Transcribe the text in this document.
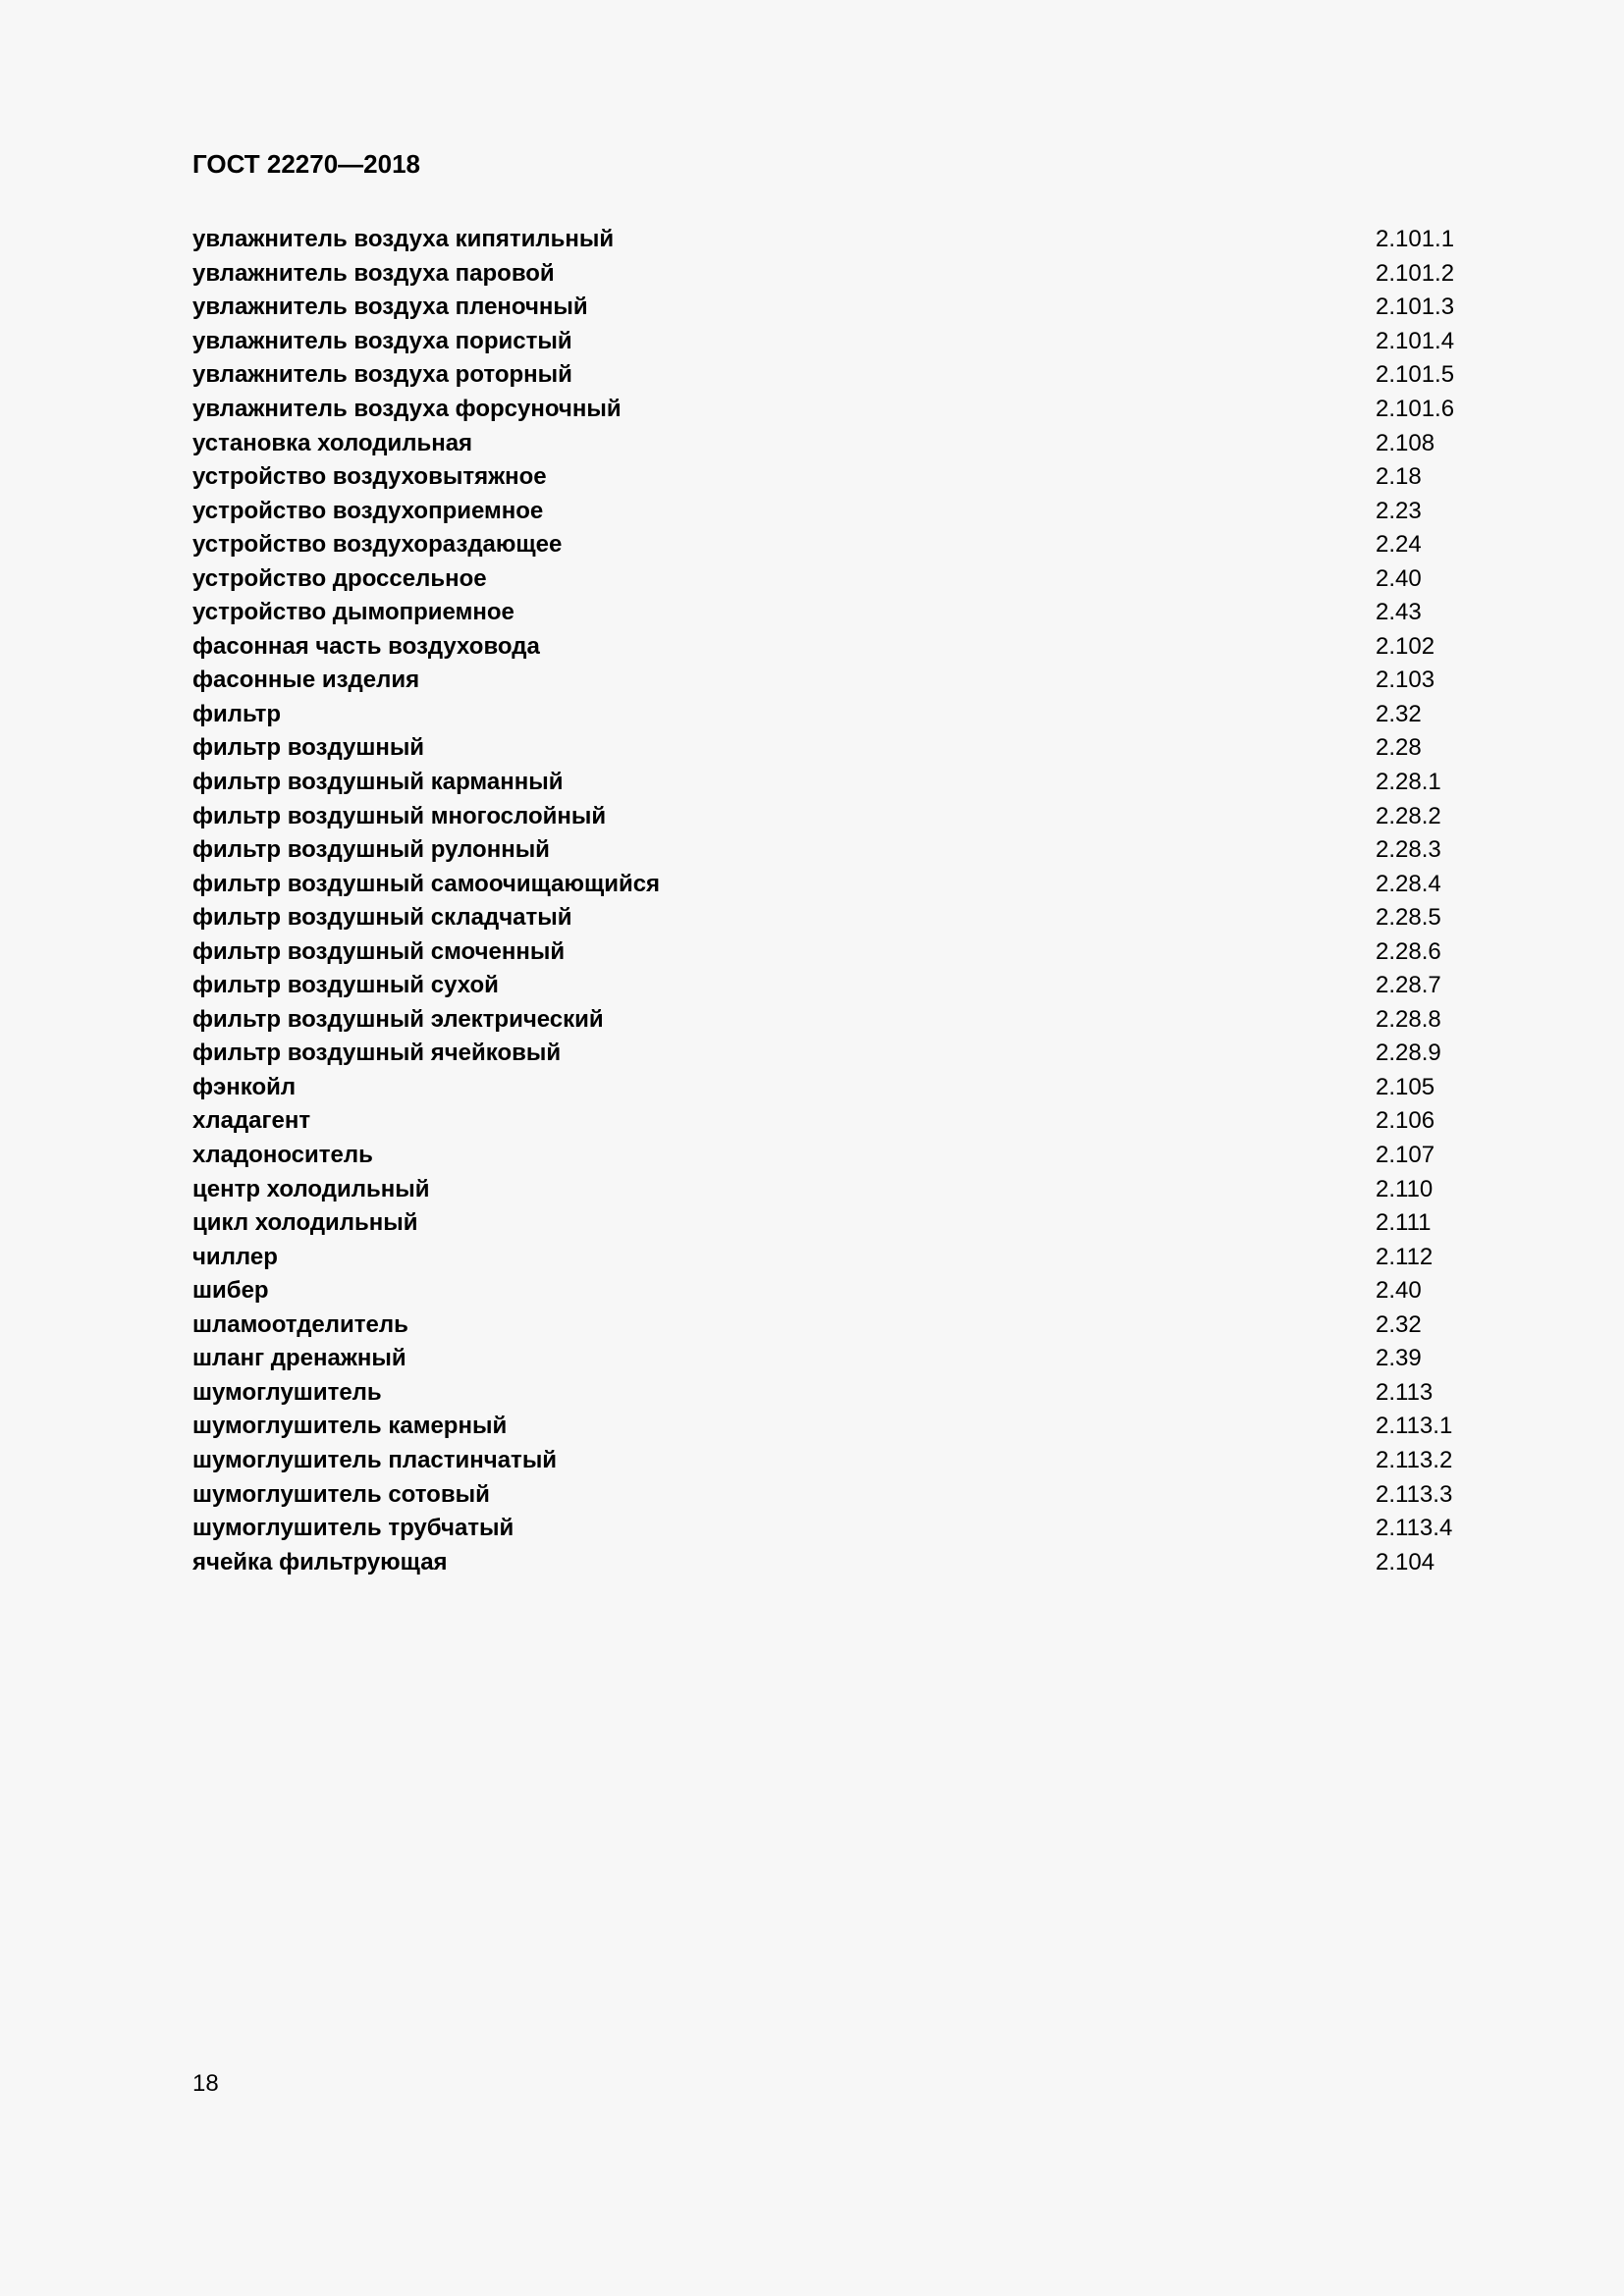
ГОСТ 22270—2018
увлажнитель воздуха кипятильный	2.101.1
увлажнитель воздуха паровой	2.101.2
увлажнитель воздуха пленочный	2.101.3
увлажнитель воздуха пористый	2.101.4
увлажнитель воздуха роторный	2.101.5
увлажнитель воздуха форсуночный	2.101.6
установка холодильная	2.108
устройство воздуховытяжное	2.18
устройство воздухоприемное	2.23
устройство воздухораздающее	2.24
устройство дроссельное	2.40
устройство дымоприемное	2.43
фасонная часть воздуховода	2.102
фасонные изделия	2.103
фильтр	2.32
фильтр воздушный	2.28
фильтр воздушный карманный	2.28.1
фильтр воздушный многослойный	2.28.2
фильтр воздушный рулонный	2.28.3
фильтр воздушный самоочищающийся	2.28.4
фильтр воздушный складчатый	2.28.5
фильтр воздушный смоченный	2.28.6
фильтр воздушный сухой	2.28.7
фильтр воздушный электрический	2.28.8
фильтр воздушный ячейковый	2.28.9
фэнкойл	2.105
хладагент	2.106
хладоноситель	2.107
центр холодильный	2.110
цикл холодильный	2.111
чиллер	2.112
шибер	2.40
шламоотделитель	2.32
шланг дренажный	2.39
шумоглушитель	2.113
шумоглушитель камерный	2.113.1
шумоглушитель пластинчатый	2.113.2
шумоглушитель сотовый	2.113.3
шумоглушитель трубчатый	2.113.4
ячейка фильтрующая	2.104
18
